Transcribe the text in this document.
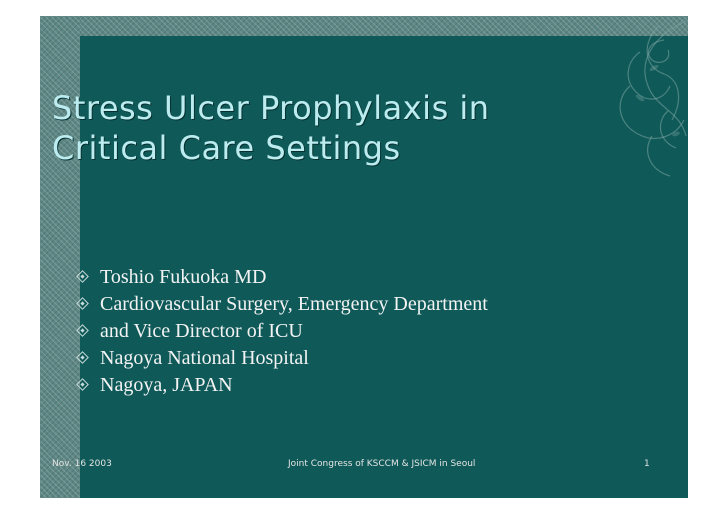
Stress Ulcer Prophylaxis in
Critical Care Settings
Toshio Fukuoka MD
Cardiovascular Surgery, Emergency Department
and Vice Director of ICU
Nagoya National Hospital
Nagoya, JAPAN
Nov. 16 2003	Joint Congress of KSCCM & JSICM in Seoul	1
